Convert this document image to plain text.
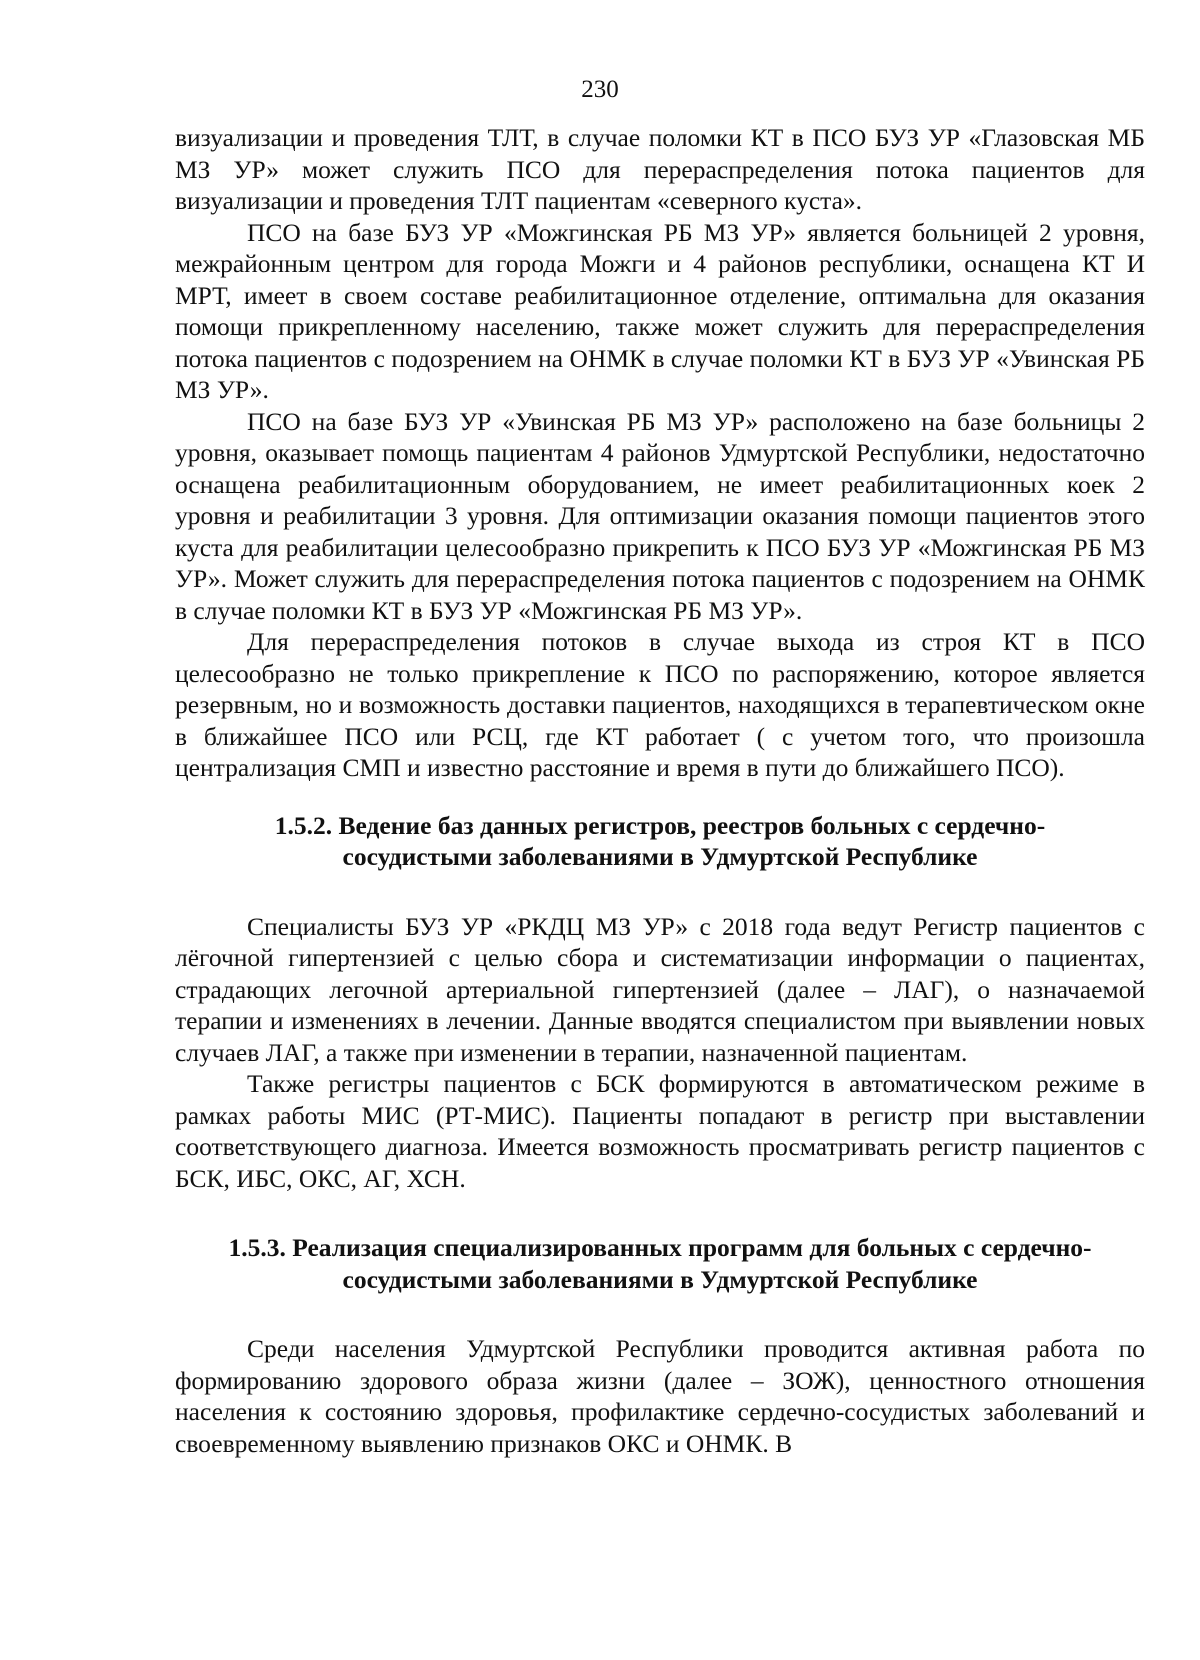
230

визуализации и проведения ТЛТ, в случае поломки КТ в ПСО БУЗ УР «Глазовская МБ МЗ УР» может служить ПСО для перераспределения потока пациентов для визуализации и проведения ТЛТ пациентам «северного куста».

ПСО на базе БУЗ УР «Можгинская РБ МЗ УР» является больницей 2 уровня, межрайонным центром для города Можги и 4 районов республики, оснащена КТ И МРТ, имеет в своем составе реабилитационное отделение, оптимальна для оказания помощи прикрепленному населению, также может служить для перераспределения потока пациентов с подозрением на ОНМК в случае поломки КТ в БУЗ УР «Увинская РБ МЗ УР».

ПСО на базе БУЗ УР «Увинская РБ МЗ УР» расположено на базе больницы 2 уровня, оказывает помощь пациентам 4 районов Удмуртской Республики, недостаточно оснащена реабилитационным оборудованием, не имеет реабилитационных коек 2 уровня и реабилитации 3 уровня. Для оптимизации оказания помощи пациентов этого куста для реабилитации целесообразно прикрепить к ПСО БУЗ УР «Можгинская РБ МЗ УР». Может служить для перераспределения потока пациентов с подозрением на ОНМК в случае поломки КТ в БУЗ УР «Можгинская РБ МЗ УР».

Для перераспределения потоков в случае выхода из строя КТ в ПСО целесообразно не только прикрепление к ПСО по распоряжению, которое является резервным, но и возможность доставки пациентов, находящихся в терапевтическом окне в ближайшее ПСО или РСЦ, где КТ работает ( с учетом того, что произошла централизация СМП и известно расстояние и время в пути до ближайшего ПСО).

1.5.2. Ведение баз данных регистров, реестров больных с сердечно-
сосудистыми заболеваниями в Удмуртской Республике

Специалисты БУЗ УР «РКДЦ МЗ УР» с 2018 года ведут Регистр пациентов с лёгочной гипертензией с целью сбора и систематизации информации о пациентах, страдающих легочной артериальной гипертензией (далее – ЛАГ), о назначаемой терапии и изменениях в лечении. Данные вводятся специалистом при выявлении новых случаев ЛАГ, а также при изменении в терапии, назначенной пациентам.

Также регистры пациентов с БСК формируются в автоматическом режиме в рамках работы МИС (РТ-МИС). Пациенты попадают в регистр при выставлении соответствующего диагноза. Имеется возможность просматривать регистр пациентов с БСК, ИБС, ОКС, АГ, ХСН.

1.5.3. Реализация специализированных программ для больных с сердечно-
сосудистыми заболеваниями в Удмуртской Республике

Среди населения Удмуртской Республики проводится активная работа по формированию здорового образа жизни (далее – ЗОЖ), ценностного отношения населения к состоянию здоровья, профилактике сердечно-сосудистых заболеваний и своевременному выявлению признаков ОКС и ОНМК. В
